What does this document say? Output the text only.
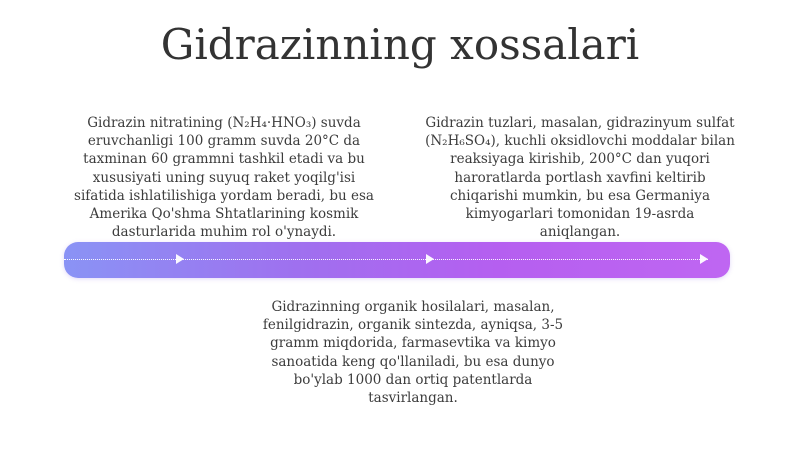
Gidrazinning xossalari
Gidrazin nitratining (N₂H₄·HNO₃) suvda eruvchanligi 100 gramm suvda 20°C da taxminan 60 grammni tashkil etadi va bu xususiyati uning suyuq raket yoqilg'isi sifatida ishlatilishiga yordam beradi, bu esa Amerika Qo'shma Shtatlarining kosmik dasturlarida muhim rol o'ynaydi.
Gidrazin tuzlari, masalan, gidrazinyum sulfat (N₂H₆SO₄), kuchli oksidlovchi moddalar bilan reaksiyaga kirishib, 200°C dan yuqori haroratlarda portlash xavfini keltirib chiqarishi mumkin, bu esa Germaniya kimyogarlari tomonidan 19-asrda aniqlangan.
Gidrazinning organik hosilalari, masalan, fenilgidrazin, organik sintezda, ayniqsa, 3-5 gramm miqdorida, farmasevtika va kimyo sanoatida keng qo'llaniladi, bu esa dunyo bo'ylab 1000 dan ortiq patentlarda tasvirlangan.
